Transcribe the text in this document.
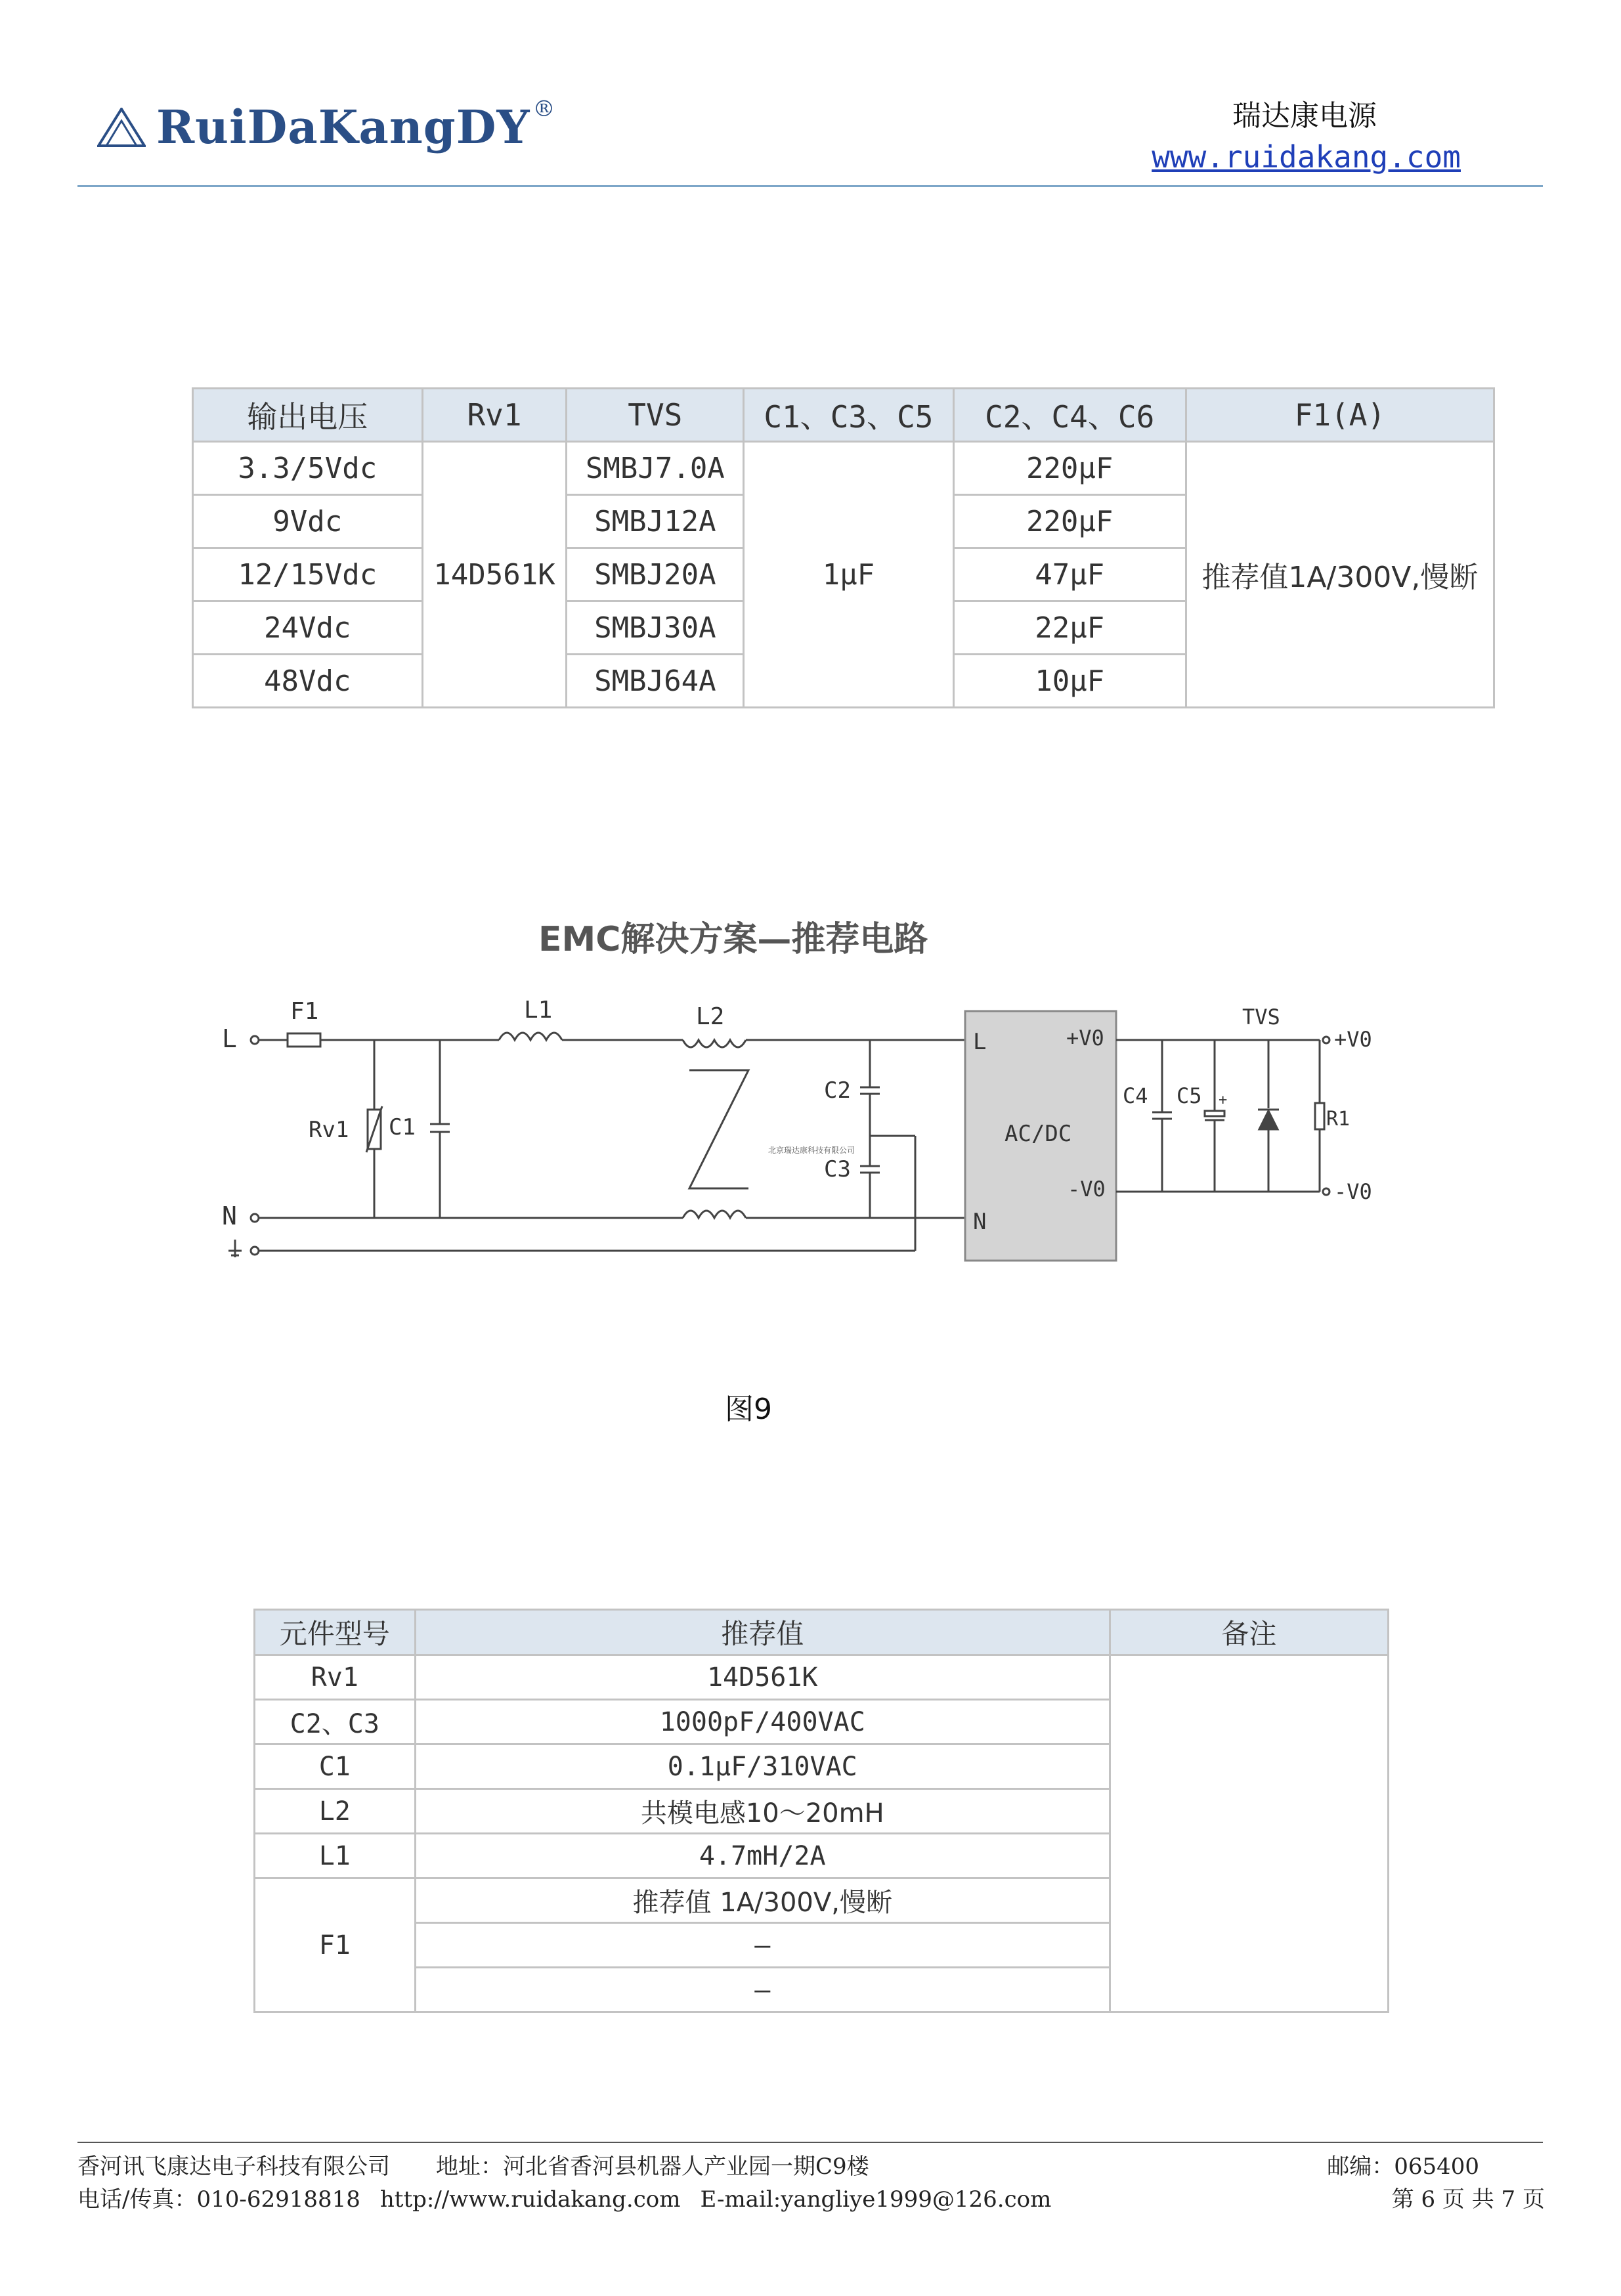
RuiDaKangDY ®	瑞达康电源
www.ruidakang.com
输出电压	Rv1	TVS	C1、C3、C5	C2、C4、C6	F1(A)
3.3/5Vdc	14D561K	SMBJ7.0A	1μF	220μF	推荐值1A/300V,慢断
9Vdc		SMBJ12A		220μF	
12/15Vdc		SMBJ20A		47μF	
24Vdc		SMBJ30A		22μF	
48Vdc		SMBJ64A		10μF	
EMC解决方案—推荐电路
L
N
F1	L1	L2
Rv1 C1
C2
C3
北京瑞达康科技有限公司
L
N
AC/DC
+V0
-V0
C4 C5 +
TVS
R1
+V0
-V0
图9
元件型号	推荐值	备注
Rv1	14D561K	
C2、C3	1000pF/400VAC	
C1	0.1μF/310VAC	
L2	共模电感10～20mH	
L1	4.7mH/2A	
F1	推荐值 1A/300V,慢断	
	—	
	—	
香河讯飞康达电子科技有限公司 地址：河北省香河县机器人产业园一期C9楼	邮编：065400
电话/传真：010-62918818 http://www.ruidakang.com E-mail:yangliye1999@126.com	第 6 页 共 7 页
